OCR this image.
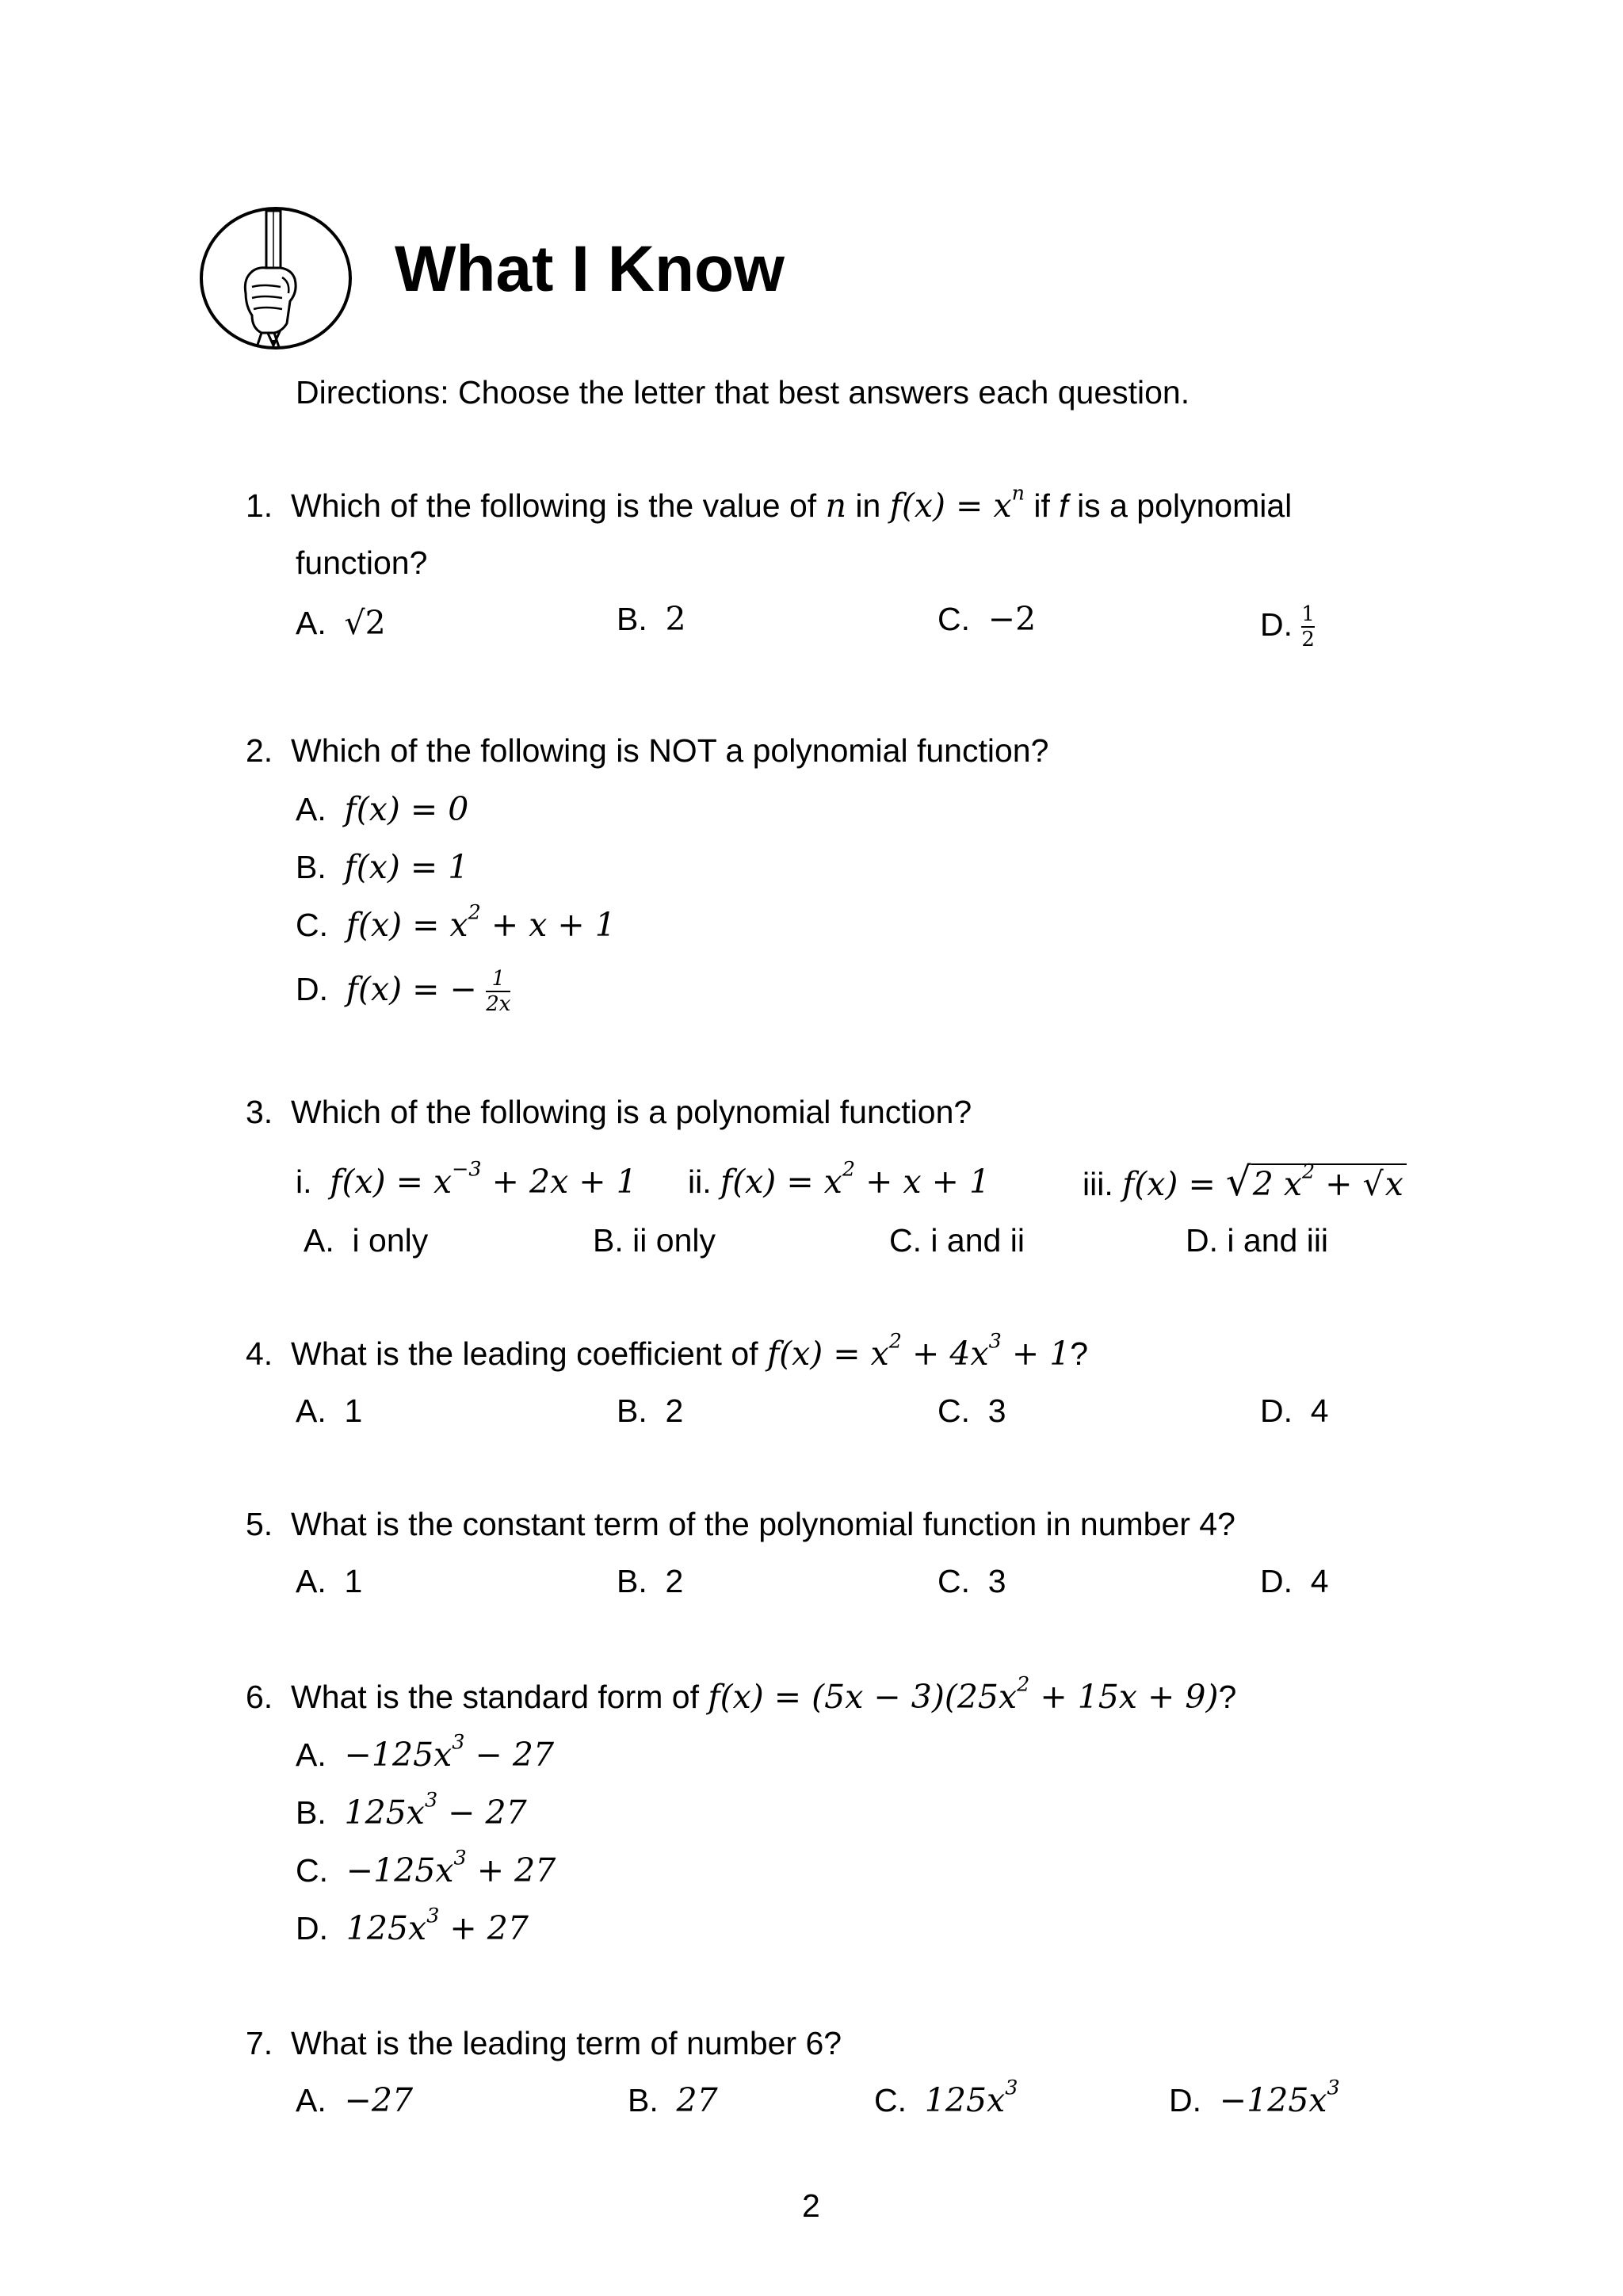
What I Know
Directions: Choose the letter that best answers each question.
1. Which of the following is the value of n in $f(x) = x^n$ if f is a polynomial
function?
A. √2	B. 2	C. −2	D. $\frac{1}{2}$
2. Which of the following is NOT a polynomial function?
A. f(x) = 0
B. f(x) = 1
C. $f(x) = x^2 + x + 1$
D. f(x) = − $\frac{1}{2x}$
3. Which of the following is a polynomial function?
i. $f(x) = x^{-3} + 2x + 1$ ii. $f(x) = x^2 + x + 1$	iii. f(x) = √2 $x^2 + √x$
A. i only	B. ii only	C. i and ii	D. i and iii
4. What is the leading coefficient of $f(x) = x^2 + 4x^3 + 1$?
A. 1	B. 2	C. 3	D. 4
5. What is the constant term of the polynomial function in number 4?
A. 1	B. 2	C. 3	D. 4
6. What is the standard form of $f(x) = (5x - 3)(25x^2 + 15x + 9)$?
A. $-125x^3 - 27$
B. $125x^3 - 27$
C. $-125x^3 + 27$
D. $125x^3 + 27$
7. What is the leading term of number 6?
A. −27	B. 27	C. $125x^3$	D. $-125x^3$
2
